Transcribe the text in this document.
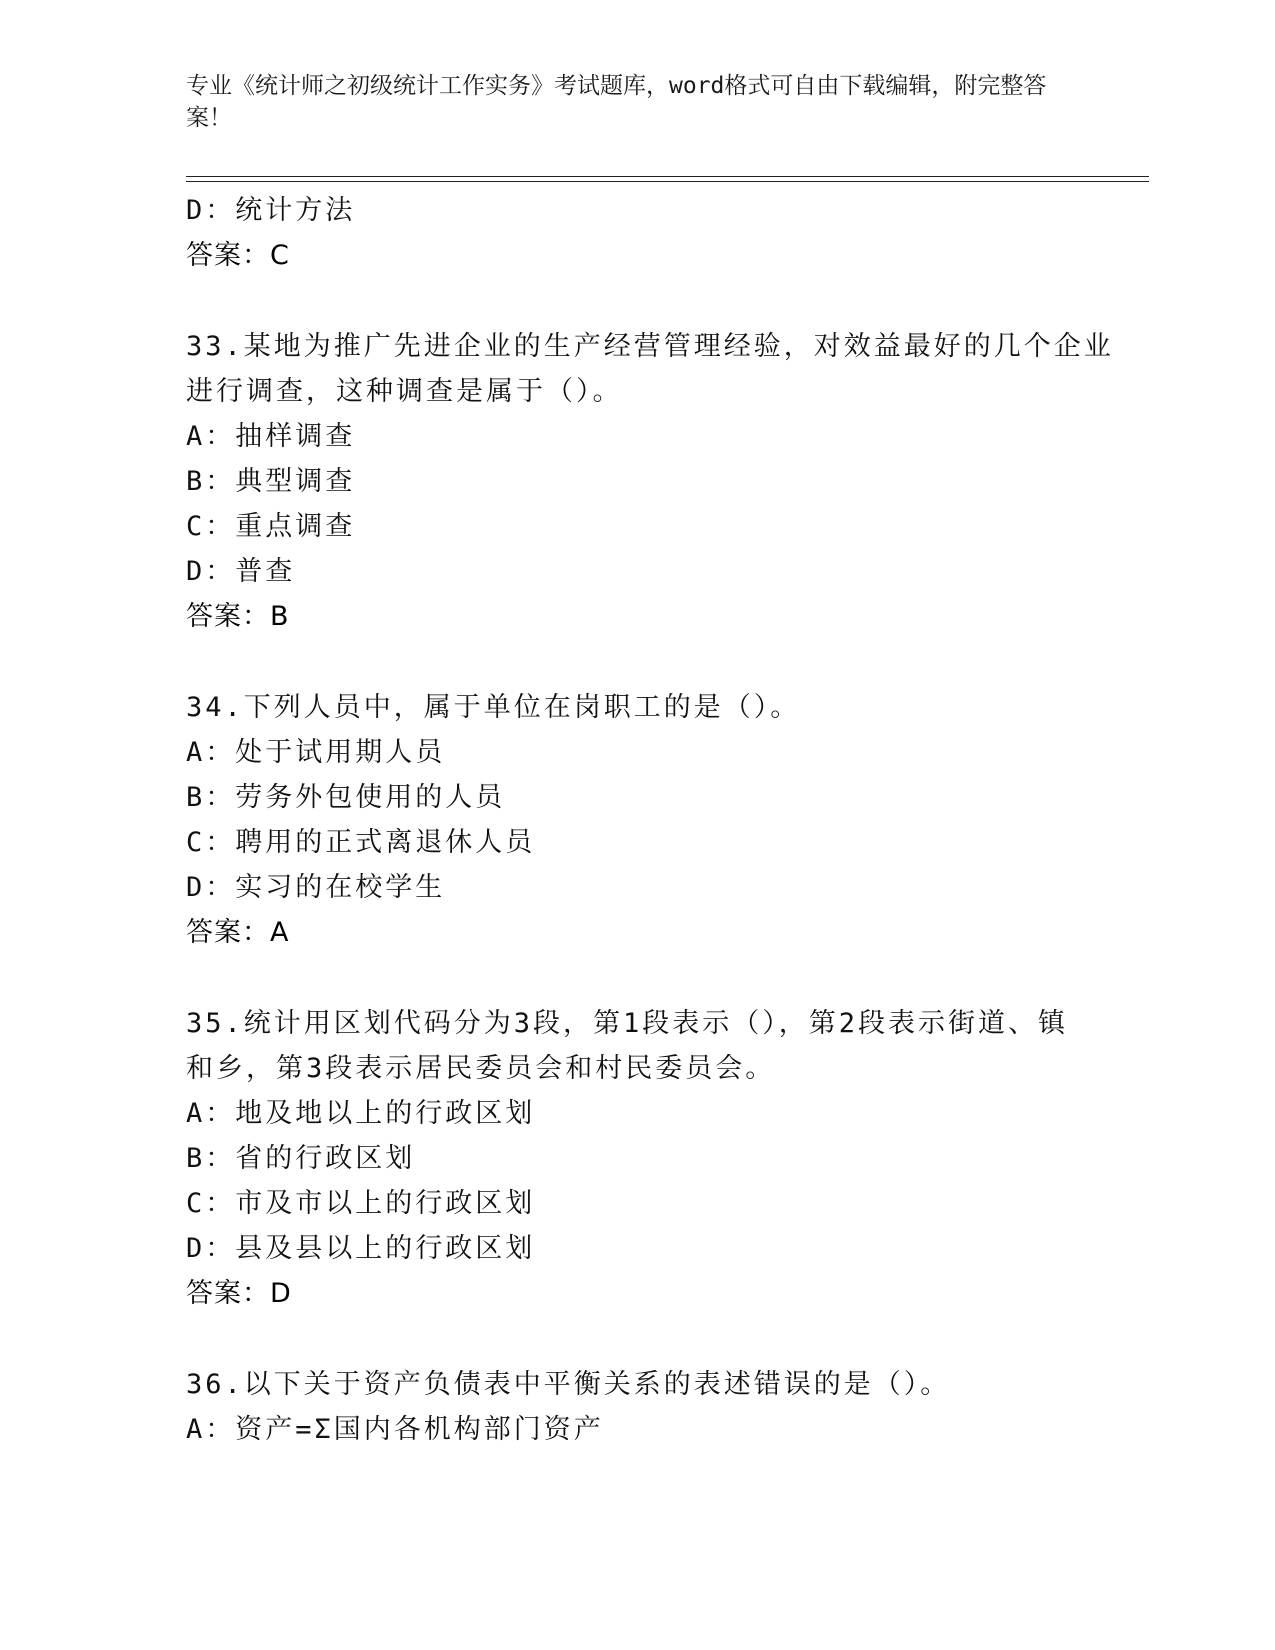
专业《统计师之初级统计工作实务》考试题库，word格式可自由下载编辑，附完整答案！
D：统计方法
答案：C
33.某地为推广先进企业的生产经营管理经验，对效益最好的几个企业
进行调查，这种调查是属于（）。
A：抽样调查
B：典型调查
C：重点调查
D：普查
答案：B
34.下列人员中，属于单位在岗职工的是（）。
A：处于试用期人员
B：劳务外包使用的人员
C：聘用的正式离退休人员
D：实习的在校学生
答案：A
35.统计用区划代码分为3段，第1段表示（），第2段表示街道、镇
和乡，第3段表示居民委员会和村民委员会。
A：地及地以上的行政区划
B：省的行政区划
C：市及市以上的行政区划
D：县及县以上的行政区划
答案：D
36.以下关于资产负债表中平衡关系的表述错误的是（）。
A：资产=Σ国内各机构部门资产
